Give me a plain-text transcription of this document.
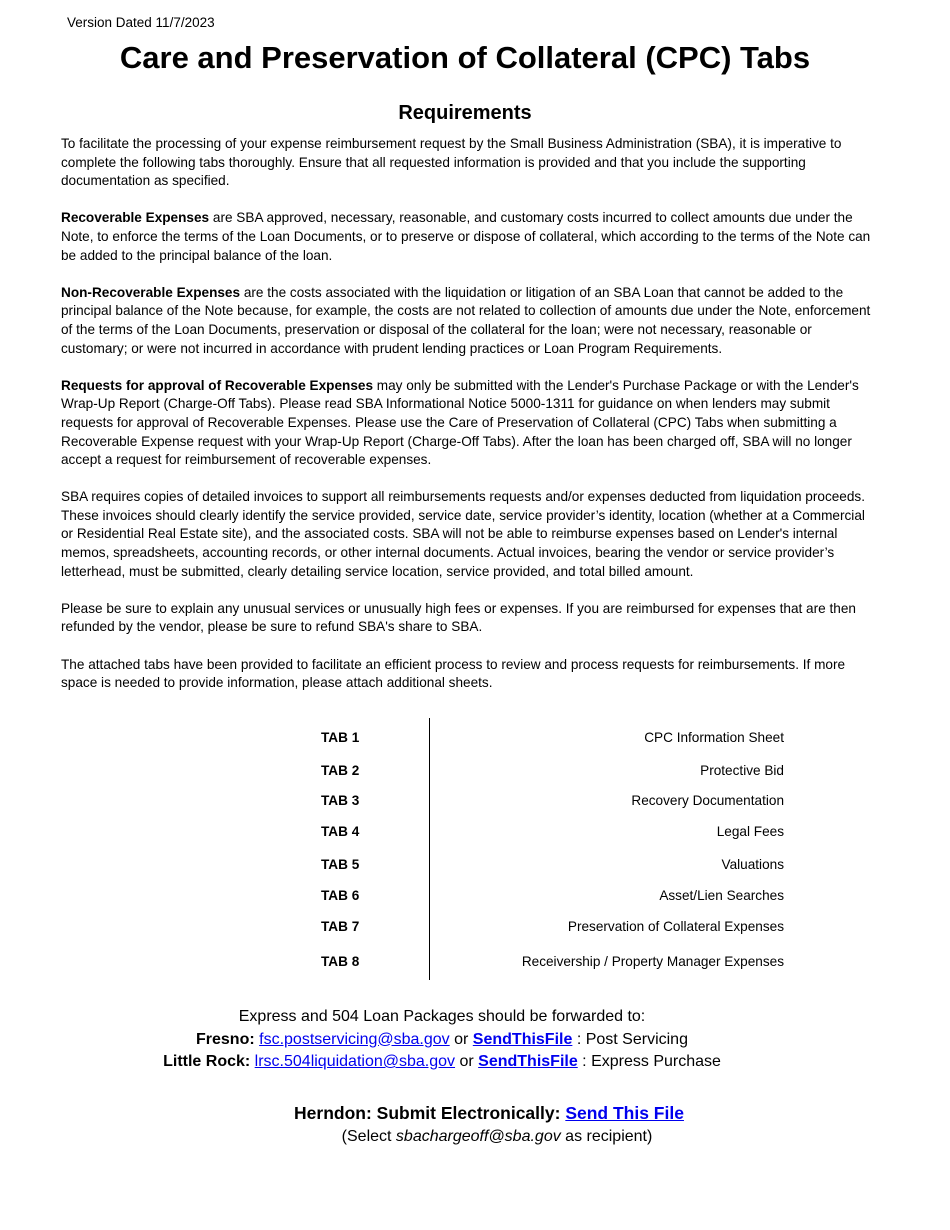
Version Dated 11/7/2023
Care and Preservation of Collateral (CPC) Tabs
Requirements

To facilitate the processing of your expense reimbursement request by the Small Business Administration (SBA), it is imperative to complete the following tabs thoroughly. Ensure that all requested information is provided and that you include the supporting documentation as specified.

Recoverable Expenses are SBA approved, necessary, reasonable, and customary costs incurred to collect amounts due under the Note, to enforce the terms of the Loan Documents, or to preserve or dispose of collateral, which according to the terms of the Note can be added to the principal balance of the loan.

Non-Recoverable Expenses are the costs associated with the liquidation or litigation of an SBA Loan that cannot be added to the principal balance of the Note because, for example, the costs are not related to collection of amounts due under the Note, enforcement of the terms of the Loan Documents, preservation or disposal of the collateral for the loan; were not necessary, reasonable or customary; or were not incurred in accordance with prudent lending practices or Loan Program Requirements.

Requests for approval of Recoverable Expenses may only be submitted with the Lender's Purchase Package or with the Lender's Wrap-Up Report (Charge-Off Tabs). Please read SBA Informational Notice 5000-1311 for guidance on when lenders may submit requests for approval of Recoverable Expenses. Please use the Care of Preservation of Collateral (CPC) Tabs when submitting a Recoverable Expense request with your Wrap-Up Report (Charge-Off Tabs). After the loan has been charged off, SBA will no longer accept a request for reimbursement of recoverable expenses.

SBA requires copies of detailed invoices to support all reimbursements requests and/or expenses deducted from liquidation proceeds. These invoices should clearly identify the service provided, service date, service provider’s identity, location (whether at a Commercial or Residential Real Estate site), and the associated costs. SBA will not be able to reimburse expenses based on Lender's internal memos, spreadsheets, accounting records, or other internal documents. Actual invoices, bearing the vendor or service provider’s letterhead, must be submitted, clearly detailing service location, service provided, and total billed amount.

Please be sure to explain any unusual services or unusually high fees or expenses. If you are reimbursed for expenses that are then refunded by the vendor, please be sure to refund SBA's share to SBA.

The attached tabs have been provided to facilitate an efficient process to review and process requests for reimbursements. If more space is needed to provide information, please attach additional sheets.

TAB 1	CPC Information Sheet
TAB 2	Protective Bid
TAB 3	Recovery Documentation
TAB 4	Legal Fees
TAB 5	Valuations
TAB 6	Asset/Lien Searches
TAB 7	Preservation of Collateral Expenses
TAB 8	Receivership / Property Manager Expenses
Express and 504 Loan Packages should be forwarded to:
Fresno: fsc.postservicing@sba.gov or SendThisFile : Post Servicing
Little Rock: lrsc.504liquidation@sba.gov or SendThisFile : Express Purchase
Herndon: Submit Electronically: Send This File
(Select sbachargeoff@sba.gov as recipient)
